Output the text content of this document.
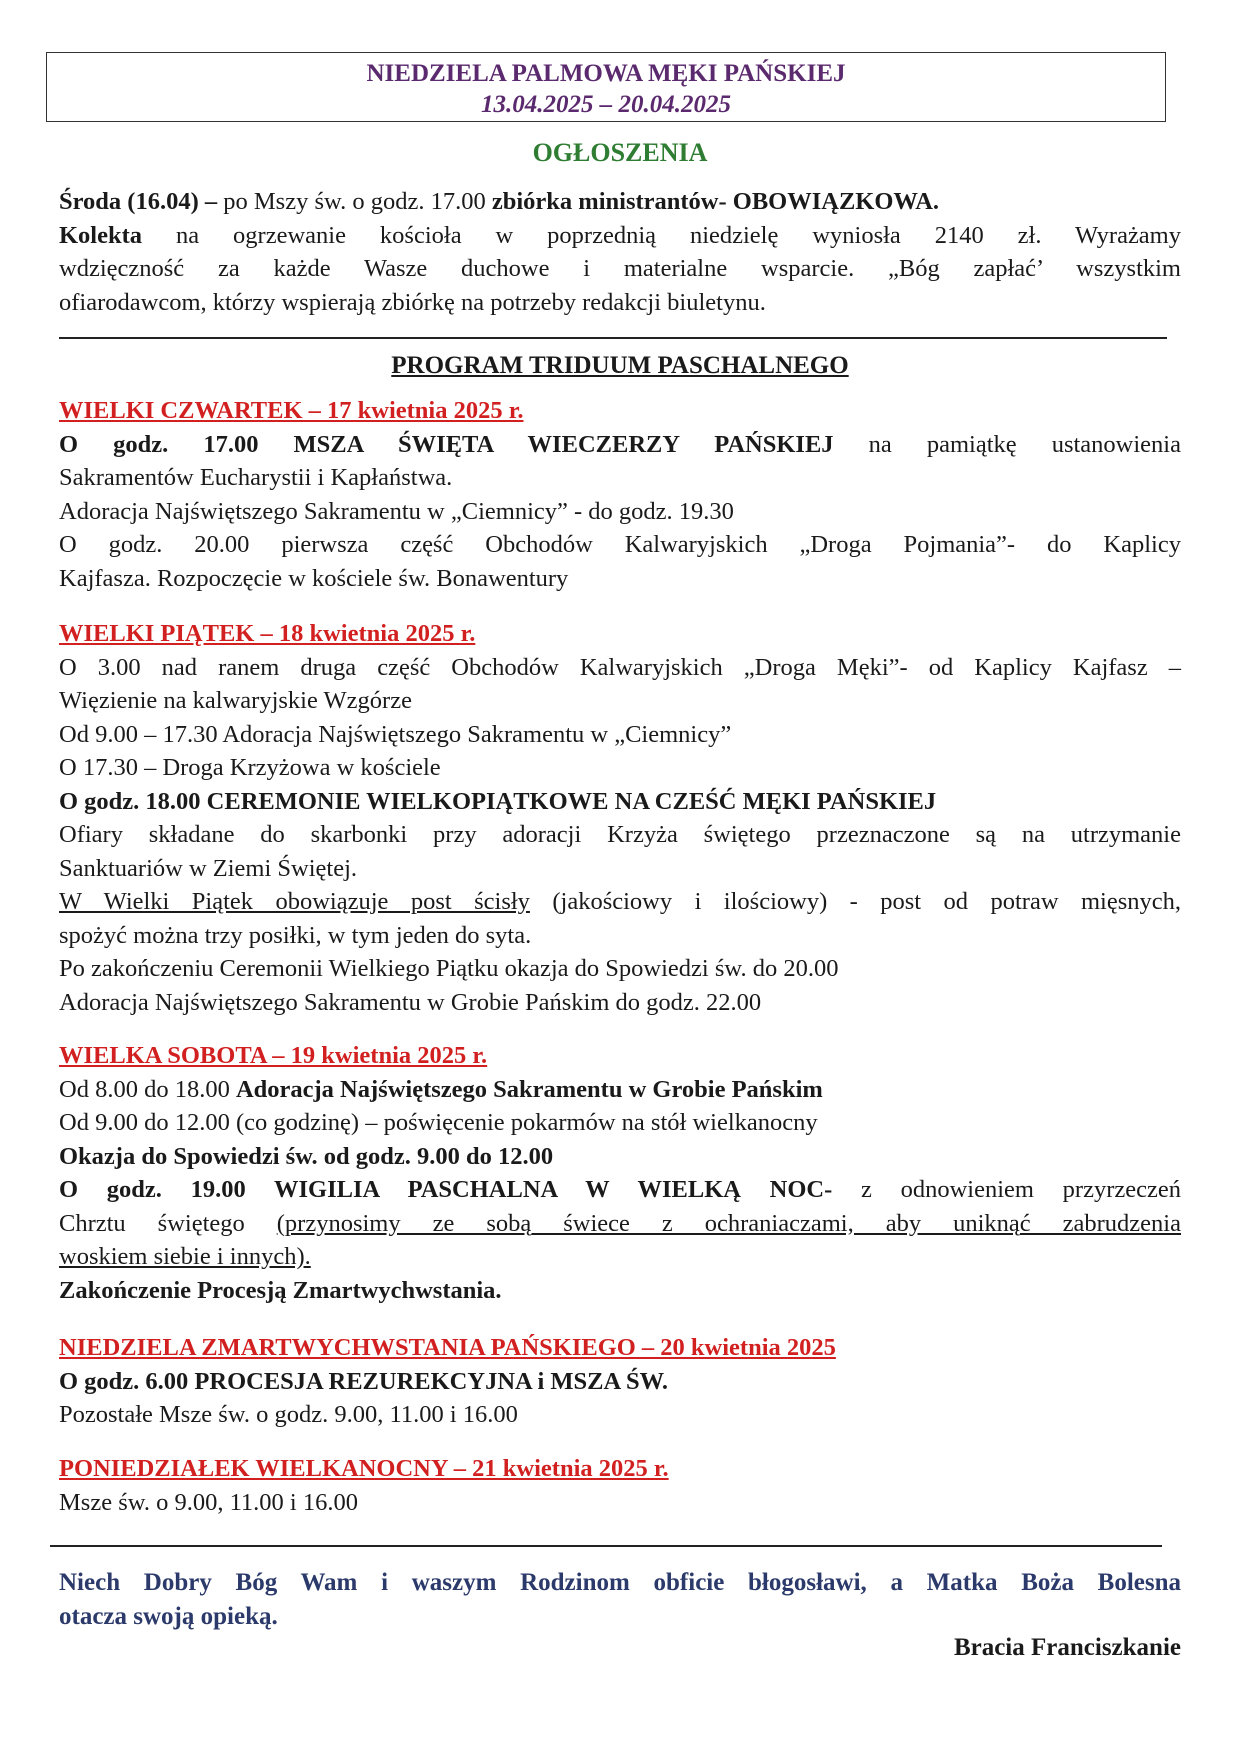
NIEDZIELA PALMOWA MĘKI PAŃSKIEJ
13.04.2025 – 20.04.2025
OGŁOSZENIA
Środa (16.04) – po Mszy św. o godz. 17.00 zbiórka ministrantów- OBOWIĄZKOWA.
Kolekta na ogrzewanie kościoła w poprzednią niedzielę wyniosła 2140 zł. Wyrażamy
wdzięczność za każde Wasze duchowe i materialne wsparcie. „Bóg zapłać’ wszystkim
ofiarodawcom, którzy wspierają zbiórkę na potrzeby redakcji biuletynu.
PROGRAM TRIDUUM PASCHALNEGO
WIELKI CZWARTEK – 17 kwietnia 2025 r.
O godz. 17.00 MSZA ŚWIĘTA WIECZERZY PAŃSKIEJ na pamiątkę ustanowienia
Sakramentów Eucharystii i Kapłaństwa.
Adoracja Najświętszego Sakramentu w „Ciemnicy” - do godz. 19.30
O godz. 20.00 pierwsza część Obchodów Kalwaryjskich „Droga Pojmania”- do Kaplicy
Kajfasza. Rozpoczęcie w kościele św. Bonawentury
WIELKI PIĄTEK – 18 kwietnia 2025 r.
O 3.00 nad ranem druga część Obchodów Kalwaryjskich „Droga Męki”- od Kaplicy Kajfasz –
Więzienie na kalwaryjskie Wzgórze
Od 9.00 – 17.30 Adoracja Najświętszego Sakramentu w „Ciemnicy”
O 17.30 – Droga Krzyżowa w kościele
O godz. 18.00 CEREMONIE WIELKOPIĄTKOWE NA CZEŚĆ MĘKI PAŃSKIEJ
Ofiary składane do skarbonki przy adoracji Krzyża świętego przeznaczone są na utrzymanie
Sanktuariów w Ziemi Świętej.
W Wielki Piątek obowiązuje post ścisły (jakościowy i ilościowy) - post od potraw mięsnych,
spożyć można trzy posiłki, w tym jeden do syta.
Po zakończeniu Ceremonii Wielkiego Piątku okazja do Spowiedzi św. do 20.00
Adoracja Najświętszego Sakramentu w Grobie Pańskim do godz. 22.00
WIELKA SOBOTA – 19 kwietnia 2025 r.
Od 8.00 do 18.00 Adoracja Najświętszego Sakramentu w Grobie Pańskim
Od 9.00 do 12.00 (co godzinę) – poświęcenie pokarmów na stół wielkanocny
Okazja do Spowiedzi św. od godz. 9.00 do 12.00
O godz. 19.00 WIGILIA PASCHALNA W WIELKĄ NOC- z odnowieniem przyrzeczeń
Chrztu świętego (przynosimy ze sobą świece z ochraniaczami, aby uniknąć zabrudzenia
woskiem siebie i innych).
Zakończenie Procesją Zmartwychwstania.
NIEDZIELA ZMARTWYCHWSTANIA PAŃSKIEGO – 20 kwietnia 2025
O godz. 6.00 PROCESJA REZUREKCYJNA i MSZA ŚW.
Pozostałe Msze św. o godz. 9.00, 11.00 i 16.00
PONIEDZIAŁEK WIELKANOCNY – 21 kwietnia 2025 r.
Msze św. o 9.00, 11.00 i 16.00
Niech Dobry Bóg Wam i waszym Rodzinom obficie błogosławi, a Matka Boża Bolesna
otacza swoją opieką.
Bracia Franciszkanie
